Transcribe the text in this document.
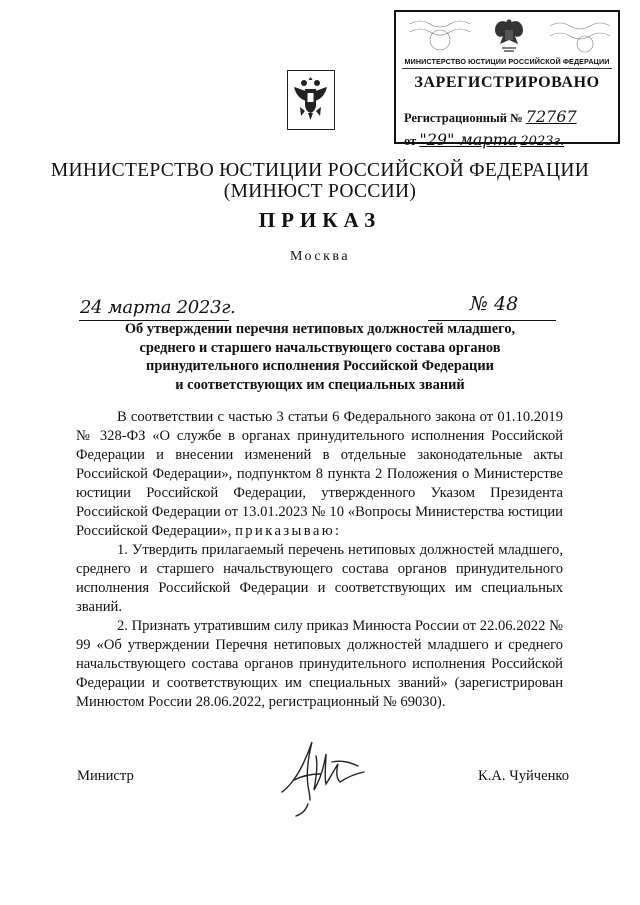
МИНИСТЕРСТВО ЮСТИЦИИ РОССИЙСКОЙ ФЕДЕРАЦИИ
ЗАРЕГИСТРИРОВАНО
Регистрационный № 72767
от "29" марта 2023г.
МИНИСТЕРСТВО ЮСТИЦИИ РОССИЙСКОЙ ФЕДЕРАЦИИ
(МИНЮСТ РОССИИ)
ПРИКАЗ
Москва
24 марта 2023г.	№ 48
Об утверждении перечня нетиповых должностей младшего,
среднего и старшего начальствующего состава органов
принудительного исполнения Российской Федерации
и соответствующих им специальных званий

В соответствии с частью 3 статьи 6 Федерального закона от 01.10.2019 № 328-ФЗ «О службе в органах принудительного исполнения Российской Федерации и внесении изменений в отдельные законодательные акты Российской Федерации», подпунктом 8 пункта 2 Положения о Министерстве юстиции Российской Федерации, утвержденного Указом Президента Российской Федерации от 13.01.2023 № 10 «Вопросы Министерства юстиции Российской Федерации», приказываю:

1. Утвердить прилагаемый перечень нетиповых должностей младшего, среднего и старшего начальствующего состава органов принудительного исполнения Российской Федерации и соответствующих им специальных званий.

2. Признать утратившим силу приказ Минюста России от 22.06.2022 № 99 «Об утверждении Перечня нетиповых должностей младшего и среднего начальствующего состава органов принудительного исполнения Российской Федерации и соответствующих им специальных званий» (зарегистрирован Минюстом России 28.06.2022, регистрационный № 69030).

Министр	К.А. Чуйченко
